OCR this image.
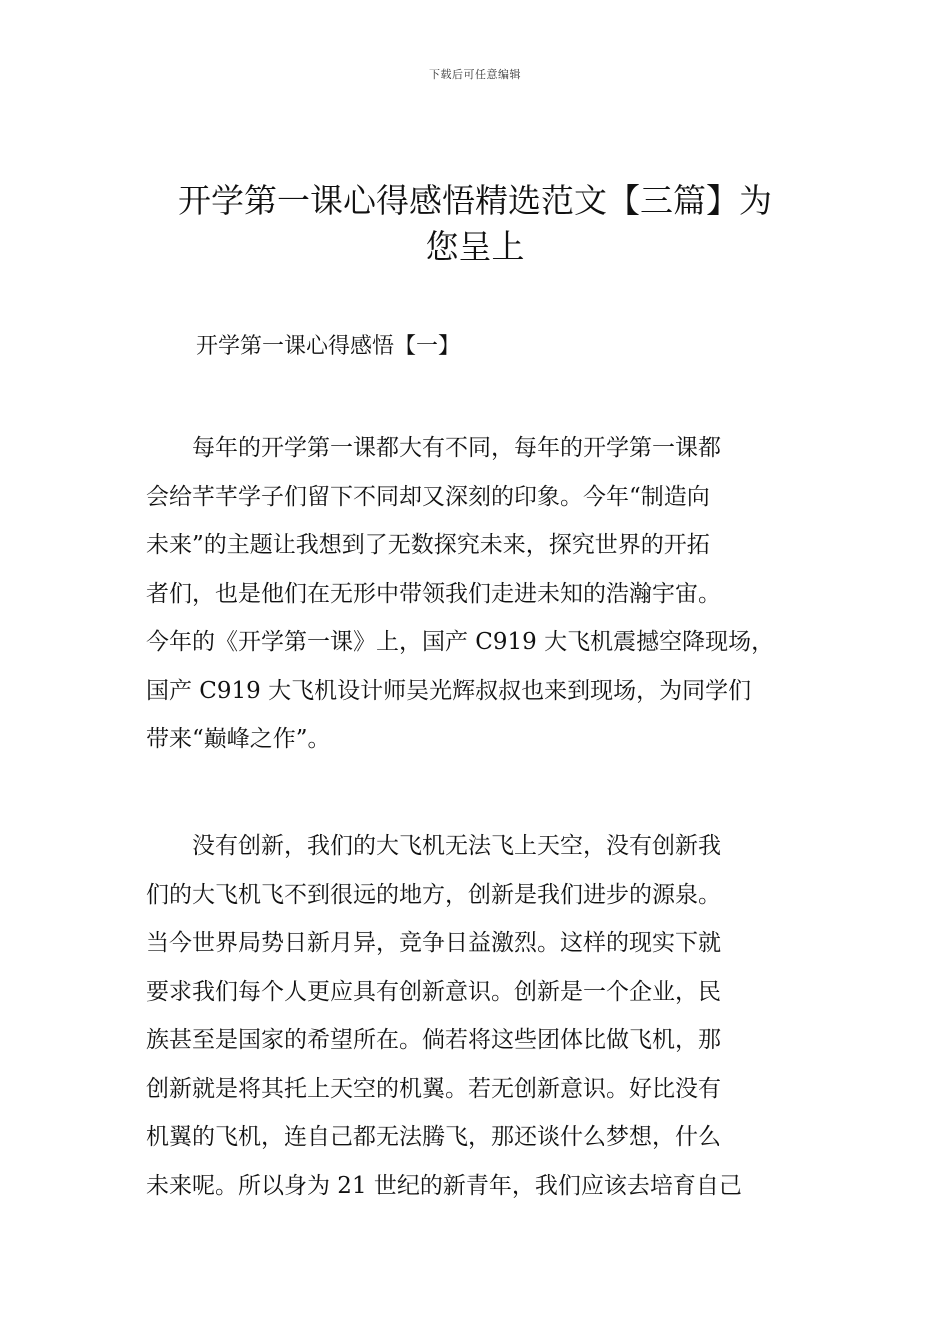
下载后可任意编辑
开学第一课心得感悟精选范文【三篇】为
您呈上
开学第一课心得感悟【一】
　　每年的开学第一课都大有不同，每年的开学第一课都
会给芊芊学子们留下不同却又深刻的印象。今年“制造向
未来”的主题让我想到了无数探究未来，探究世界的开拓
者们，也是他们在无形中带领我们走进未知的浩瀚宇宙。
今年的《开学第一课》上，国产 C919 大飞机震撼空降现场，
国产 C919 大飞机设计师吴光辉叔叔也来到现场，为同学们
带来“巅峰之作”。
　　没有创新，我们的大飞机无法飞上天空，没有创新我
们的大飞机飞不到很远的地方，创新是我们进步的源泉。
当今世界局势日新月异，竞争日益激烈。这样的现实下就
要求我们每个人更应具有创新意识。创新是一个企业，民
族甚至是国家的希望所在。倘若将这些团体比做飞机，那
创新就是将其托上天空的机翼。若无创新意识。好比没有
机翼的飞机，连自己都无法腾飞，那还谈什么梦想，什么
未来呢。所以身为 21 世纪的新青年，我们应该去培育自己
